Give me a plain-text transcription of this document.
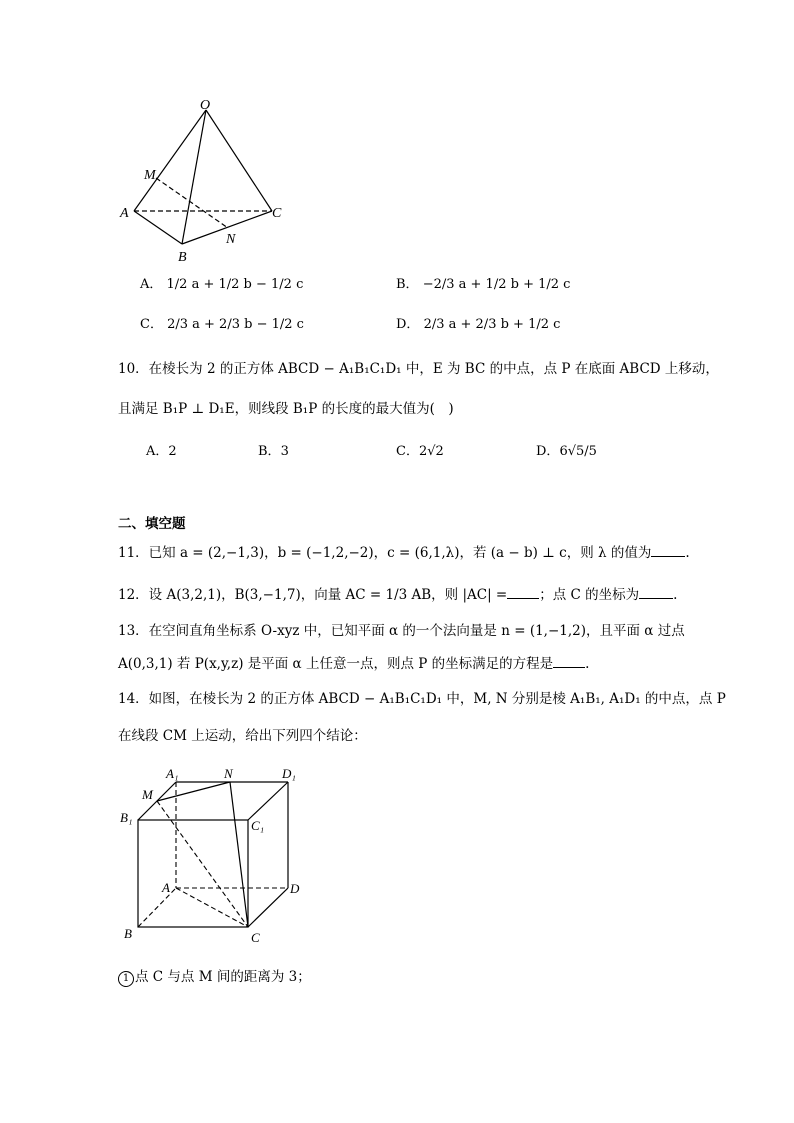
O
M
A
B
C
N
A． 1/2 a + 1/2 b − 1/2 c	B． −2/3 a + 1/2 b + 1/2 c
C． 2/3 a + 2/3 b − 1/2 c	D． 2/3 a + 2/3 b + 1/2 c
10．在棱长为 2 的正方体 ABCD − A₁B₁C₁D₁ 中，E 为 BC 的中点，点 P 在底面 ABCD 上移动，
且满足 B₁P ⊥ D₁E，则线段 B₁P 的长度的最大值为(　)
A．2	B．3	C．2√2	D．6√5/5
二、填空题
11．已知 a = (2,−1,3)，b = (−1,2,−2)，c = (6,1,λ)，若 (a − b) ⊥ c，则 λ 的值为	.
12．设 A(3,2,1)，B(3,−1,7)，向量 AC = 1/3 AB，则 |AC| = ；点 C 的坐标为	.
13．在空间直角坐标系 O-xyz 中，已知平面 α 的一个法向量是 n = (1,−1,2)，且平面 α 过点
A(0,3,1) 若 P(x,y,z) 是平面 α 上任意一点，则点 P 的坐标满足的方程是 .
14．如图，在棱长为 2 的正方体 ABCD − A₁B₁C₁D₁ 中，M, N 分别是棱 A₁B₁, A₁D₁ 的中点，点 P
在线段 CM 上运动，给出下列四个结论：
A₁	N	D₁
M
B₁
C₁
A	D
B	C
1 点 C 与点 M 间的距离为 3；
